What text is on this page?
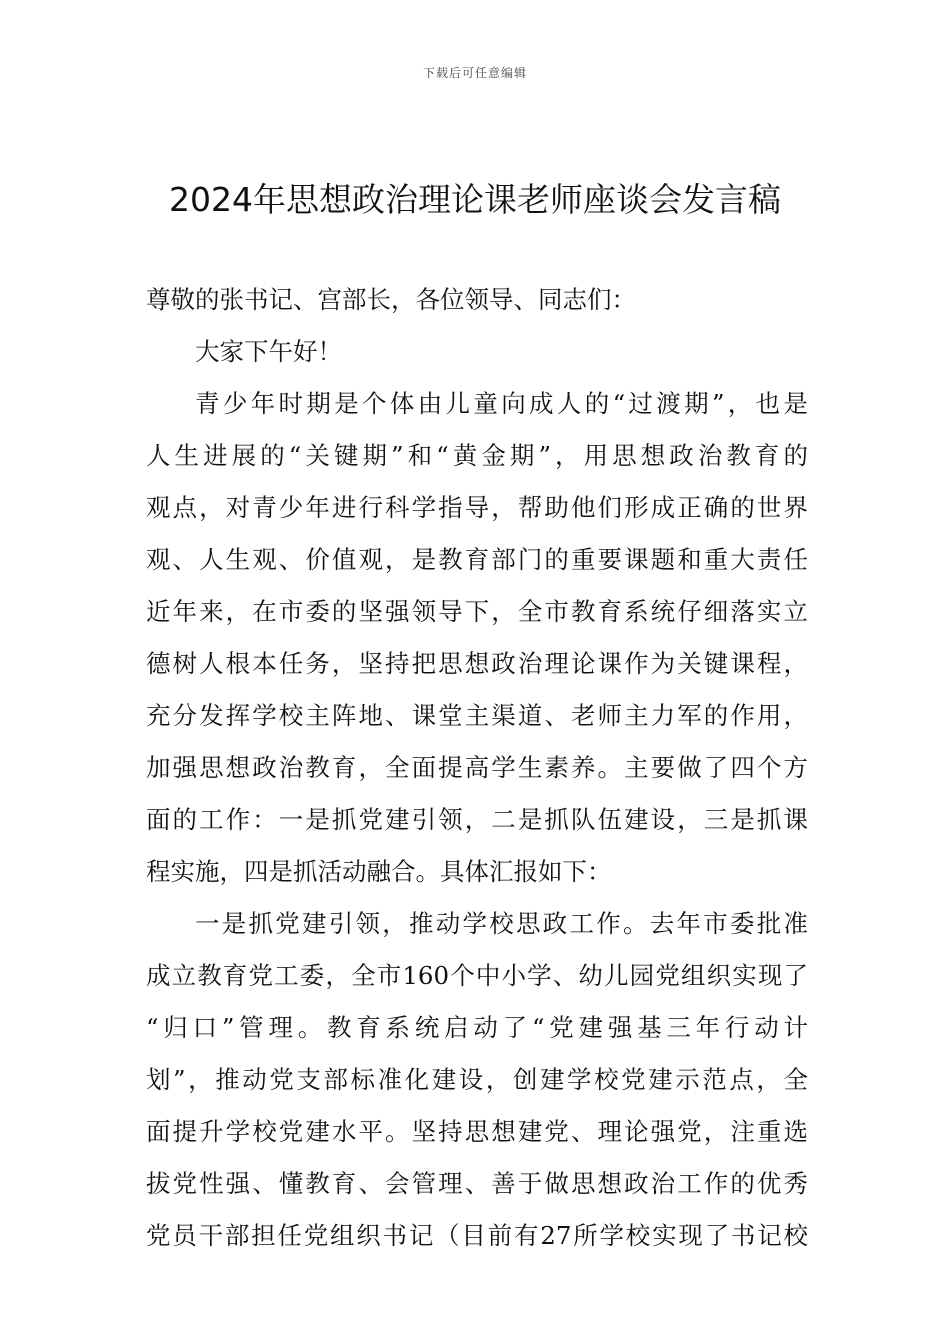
下载后可任意编辑
2024年思想政治理论课老师座谈会发言稿
尊敬的张书记、宫部长，各位领导、同志们：
大家下午好！
青少年时期是个体由儿童向成人的“过渡期”，也是
人生进展的“关键期”和“黄金期”，用思想政治教育的
观点，对青少年进行科学指导，帮助他们形成正确的世界
观、人生观、价值观，是教育部门的重要课题和重大责任
近年来，在市委的坚强领导下，全市教育系统仔细落实立
德树人根本任务，坚持把思想政治理论课作为关键课程，
充分发挥学校主阵地、课堂主渠道、老师主力军的作用，
加强思想政治教育，全面提高学生素养。主要做了四个方
面的工作：一是抓党建引领，二是抓队伍建设，三是抓课
程实施，四是抓活动融合。具体汇报如下：
一是抓党建引领，推动学校思政工作。去年市委批准
成立教育党工委，全市160个中小学、幼儿园党组织实现了
“归口”管理。教育系统启动了“党建强基三年行动计
划”，推动党支部标准化建设，创建学校党建示范点，全
面提升学校党建水平。坚持思想建党、理论强党，注重选
拔党性强、懂教育、会管理、善于做思想政治工作的优秀
党员干部担任党组织书记（目前有27所学校实现了书记校
